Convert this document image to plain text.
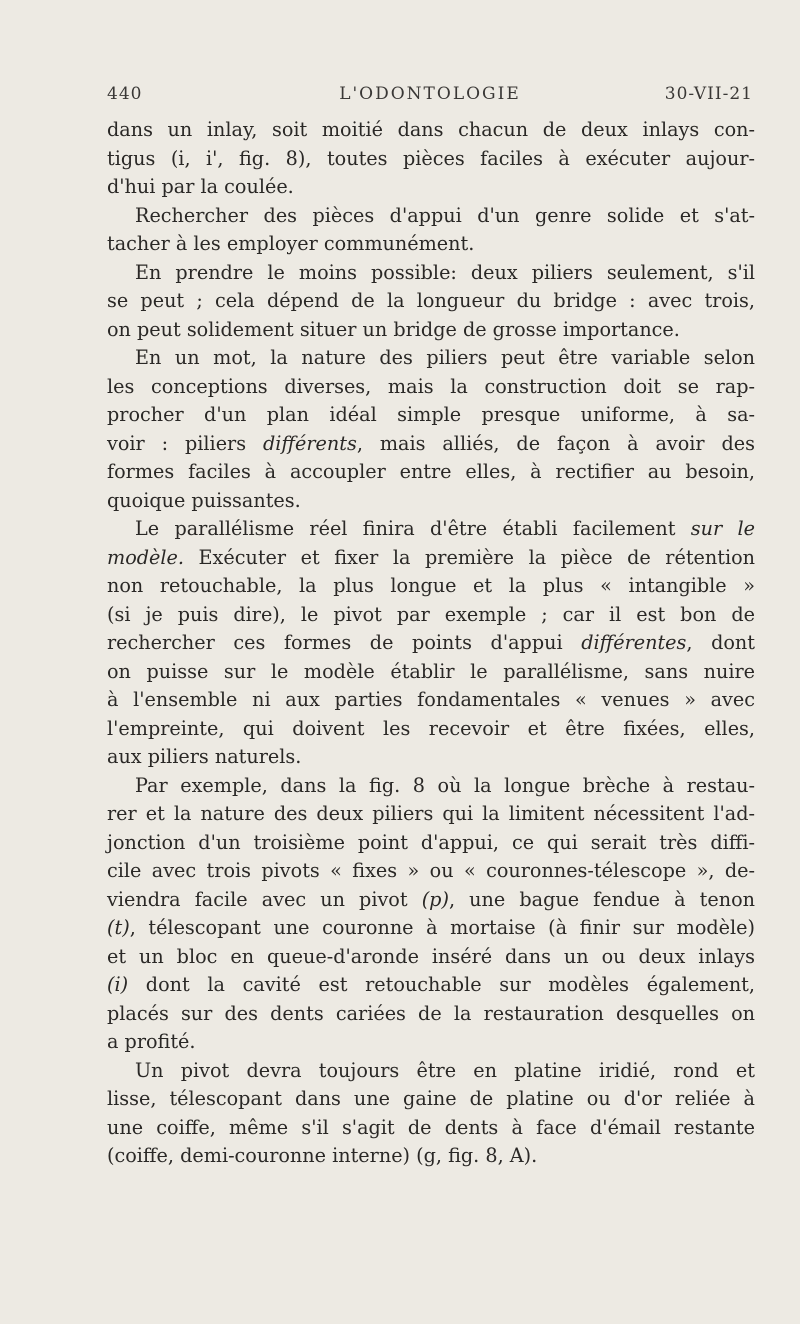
440	L'ODONTOLOGIE	30-VII-21
dans un inlay, soit moitié dans chacun de deux inlays con-
tigus (i, i', fig. 8), toutes pièces faciles à exécuter aujour-
d'hui par la coulée.
Rechercher des pièces d'appui d'un genre solide et s'at-
tacher à les employer communément.
En prendre le moins possible: deux piliers seulement, s'il
se peut ; cela dépend de la longueur du bridge : avec trois,
on peut solidement situer un bridge de grosse importance.
En un mot, la nature des piliers peut être variable selon
les conceptions diverses, mais la construction doit se rap-
procher d'un plan idéal simple presque uniforme, à sa-
voir : piliers différents, mais alliés, de façon à avoir des
formes faciles à accoupler entre elles, à rectifier au besoin,
quoique puissantes.
Le parallélisme réel finira d'être établi facilement sur le
modèle. Exécuter et fixer la première la pièce de rétention
non retouchable, la plus longue et la plus « intangible »
(si je puis dire), le pivot par exemple ; car il est bon de
rechercher ces formes de points d'appui différentes, dont
on puisse sur le modèle établir le parallélisme, sans nuire
à l'ensemble ni aux parties fondamentales « venues » avec
l'empreinte, qui doivent les recevoir et être fixées, elles,
aux piliers naturels.
Par exemple, dans la fig. 8 où la longue brèche à restau-
rer et la nature des deux piliers qui la limitent nécessitent l'ad-
jonction d'un troisième point d'appui, ce qui serait très diffi-
cile avec trois pivots « fixes » ou « couronnes-télescope », de-
viendra facile avec un pivot (p), une bague fendue à tenon
(t), télescopant une couronne à mortaise (à finir sur modèle)
et un bloc en queue-d'aronde inséré dans un ou deux inlays
(i) dont la cavité est retouchable sur modèles également,
placés sur des dents cariées de la restauration desquelles on
a profité.
Un pivot devra toujours être en platine iridié, rond et
lisse, télescopant dans une gaine de platine ou d'or reliée à
une coiffe, même s'il s'agit de dents à face d'émail restante
(coiffe, demi-couronne interne) (g, fig. 8, A).
